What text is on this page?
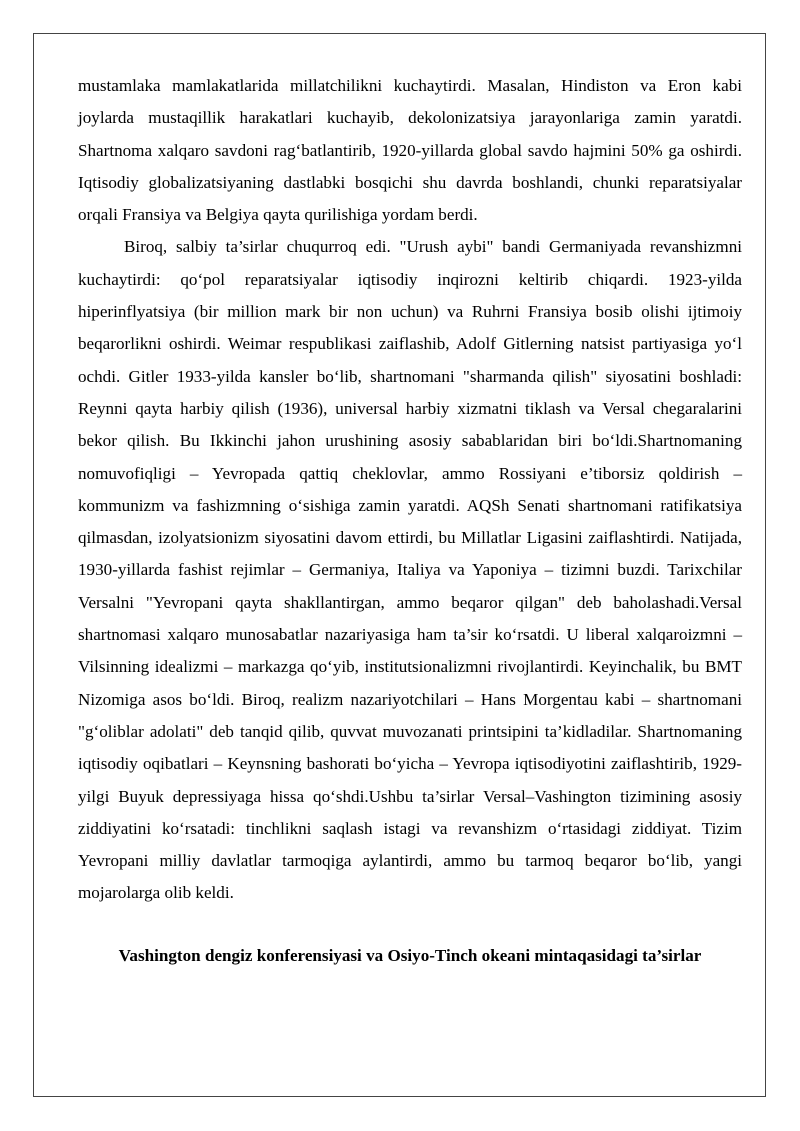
mustamlaka mamlakatlarida millatchilikni kuchaytirdi. Masalan, Hindiston va Eron kabi joylarda mustaqillik harakatlari kuchayib, dekolonizatsiya jarayonlariga zamin yaratdi. Shartnoma xalqaro savdoni rag‘batlantirib, 1920-yillarda global savdo hajmini 50% ga oshirdi. Iqtisodiy globalizatsiyaning dastlabki bosqichi shu davrda boshlandi, chunki reparatsiyalar orqali Fransiya va Belgiya qayta qurilishiga yordam berdi.

Biroq, salbiy ta’sirlar chuqurroq edi. "Urush aybi" bandi Germaniyada revanshizmni kuchaytirdi: qo‘pol reparatsiyalar iqtisodiy inqirozni keltirib chiqardi. 1923-yilda hiperinflyatsiya (bir million mark bir non uchun) va Ruhrni Fransiya bosib olishi ijtimoiy beqarorlikni oshirdi. Weimar respublikasi zaiflashib, Adolf Gitlerning natsist partiyasiga yo‘l ochdi. Gitler 1933-yilda kansler bo‘lib, shartnomani "sharmanda qilish" siyosatini boshladi: Reynni qayta harbiy qilish (1936), universal harbiy xizmatni tiklash va Versal chegaralarini bekor qilish. Bu Ikkinchi jahon urushining asosiy sabablaridan biri bo‘ldi.Shartnomaning nomuvofiqligi – Yevropada qattiq cheklovlar, ammo Rossiyani e’tiborsiz qoldirish – kommunizm va fashizmning o‘sishiga zamin yaratdi. AQSh Senati shartnomani ratifikatsiya qilmasdan, izolyatsionizm siyosatini davom ettirdi, bu Millatlar Ligasini zaiflashtirdi. Natijada, 1930-yillarda fashist rejimlar – Germaniya, Italiya va Yaponiya – tizimni buzdi. Tarixchilar Versalni "Yevropani qayta shakllantirgan, ammo beqaror qilgan" deb baholashadi.Versal shartnomasi xalqaro munosabatlar nazariyasiga ham ta’sir ko‘rsatdi. U liberal xalqaroizmni – Vilsinning idealizmi – markazga qo‘yib, institutsionalizmni rivojlantirdi. Keyinchalik, bu BMT Nizomiga asos bo‘ldi. Biroq, realizm nazariyotchilari – Hans Morgentau kabi – shartnomani "g‘oliblar adolati" deb tanqid qilib, quvvat muvozanati printsipini ta’kidladilar. Shartnomaning iqtisodiy oqibatlari – Keynsning bashorati bo‘yicha – Yevropa iqtisodiyotini zaiflashtirib, 1929-yilgi Buyuk depressiyaga hissa qo‘shdi.Ushbu ta’sirlar Versal–Vashington tizimining asosiy ziddiyatini ko‘rsatadi: tinchlikni saqlash istagi va revanshizm o‘rtasidagi ziddiyat. Tizim Yevropani milliy davlatlar tarmoqiga aylantirdi, ammo bu tarmoq beqaror bo‘lib, yangi mojarolarga olib keldi.

Vashington dengiz konferensiyasi va Osiyo-Tinch okeani mintaqasidagi ta’sirlar
